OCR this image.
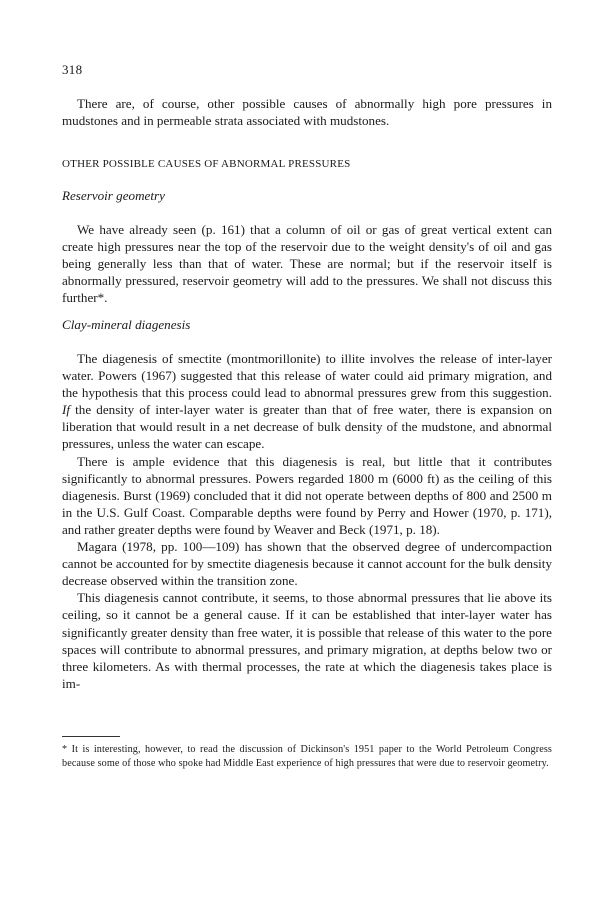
318

There are, of course, other possible causes of abnormally high pore pressures in mudstones and in permeable strata associated with mudstones.

OTHER POSSIBLE CAUSES OF ABNORMAL PRESSURES
Reservoir geometry

We have already seen (p. 161) that a column of oil or gas of great vertical extent can create high pressures near the top of the reservoir due to the weight density's of oil and gas being generally less than that of water. These are normal; but if the reservoir itself is abnormally pressured, reservoir geometry will add to the pressures. We shall not discuss this further*.

Clay-mineral diagenesis

The diagenesis of smectite (montmorillonite) to illite involves the release of inter-layer water. Powers (1967) suggested that this release of water could aid primary migration, and the hypothesis that this process could lead to abnormal pressures grew from this suggestion. If the density of inter-layer water is greater than that of free water, there is expansion on liberation that would result in a net decrease of bulk density of the mudstone, and abnormal pressures, unless the water can escape.

There is ample evidence that this diagenesis is real, but little that it contributes significantly to abnormal pressures. Powers regarded 1800 m (6000 ft) as the ceiling of this diagenesis. Burst (1969) concluded that it did not operate between depths of 800 and 2500 m in the U.S. Gulf Coast. Comparable depths were found by Perry and Hower (1970, p. 171), and rather greater depths were found by Weaver and Beck (1971, p. 18).

Magara (1978, pp. 100—109) has shown that the observed degree of undercompaction cannot be accounted for by smectite diagenesis because it cannot account for the bulk density decrease observed within the transition zone.

This diagenesis cannot contribute, it seems, to those abnormal pressures that lie above its ceiling, so it cannot be a general cause. If it can be established that inter-layer water has significantly greater density than free water, it is possible that release of this water to the pore spaces will contribute to abnormal pressures, and primary migration, at depths below two or three kilometers. As with thermal processes, the rate at which the diagenesis takes place is im-

* It is interesting, however, to read the discussion of Dickinson's 1951 paper to the World Petroleum Congress because some of those who spoke had Middle East experience of high pressures that were due to reservoir geometry.
